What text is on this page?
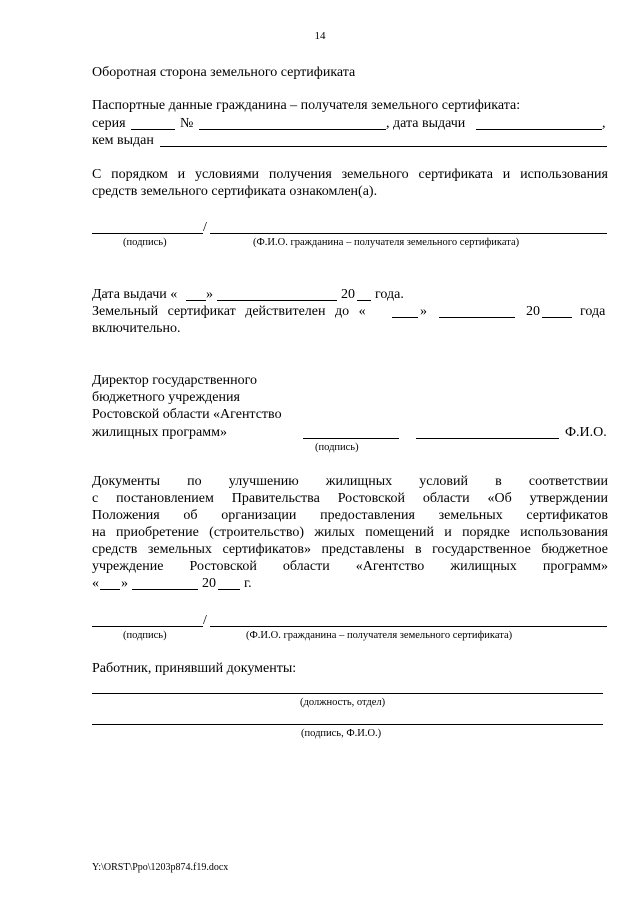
14
Оборотная сторона земельного сертификата
Паспортные данные гражданина – получателя земельного сертификата:
серия	№	, дата выдачи	,
кем выдан
С порядком и условиями получения земельного сертификата и использования
средств земельного сертификата ознакомлен(а).
/
(подпись)	(Ф.И.О. гражданина – получателя земельного сертификата)
Дата выдачи « »	20 года.
Земельный сертификат действителен до «	»	20	года
включительно.
Директор государственного
бюджетного учреждения
Ростовской области «Агентство
жилищных программ»	Ф.И.О.
(подпись)
Документы по улучшению жилищных условий в соответствии
с постановлением Правительства Ростовской области «Об утверждении
Положения об организации предоставления земельных сертификатов
на приобретение (строительство) жилых помещений и порядке использования
средств земельных сертификатов» представлены в государственное бюджетное
учреждение Ростовской области «Агентство жилищных программ»
« »	20 г.
/
(подпись)	(Ф.И.О. гражданина – получателя земельного сертификата)
Работник, принявший документы:
(должность, отдел)
(подпись, Ф.И.О.)
Y:\ORST\Ppo\1203p874.f19.docx
